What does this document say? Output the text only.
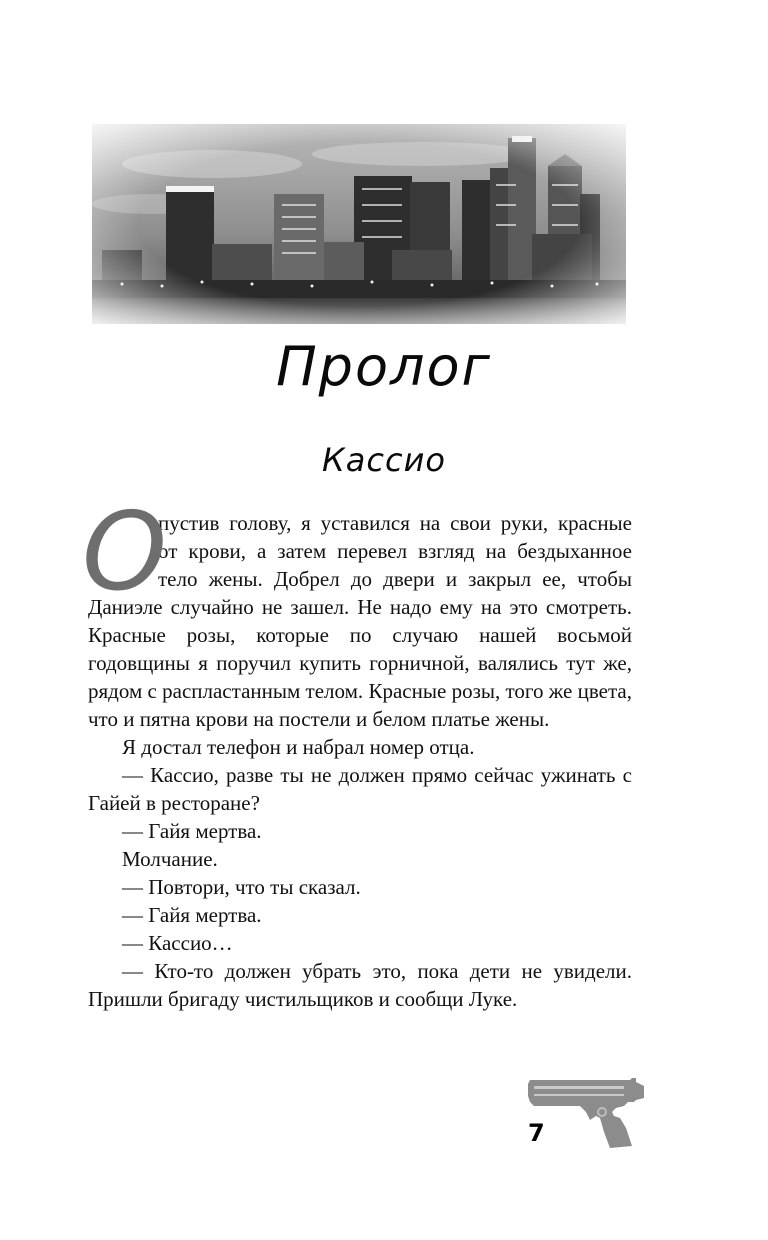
Пролог
Кассио

О
пустив голову, я уставился на свои руки, красные
от крови, а затем перевел взгляд на бездыханное
тело жены. Добрел до двери и закрыл ее, чтобы
Даниэле случайно не зашел. Не надо ему на это смотреть. Красные розы, которые по случаю нашей восьмой годовщины я поручил купить горничной, валялись тут же, рядом с распластанным телом. Красные розы, того же цвета, что и пятна крови на постели и белом платье жены.

Я достал телефон и набрал номер отца.

— Кассио, разве ты не должен прямо сейчас ужинать с Гайей в ресторане?

— Гайя мертва.

Молчание.

— Повтори, что ты сказал.

— Гайя мертва.

— Кассио…

— Кто-то должен убрать это, пока дети не увидели. Пришли бригаду чистильщиков и сообщи Луке.

7
